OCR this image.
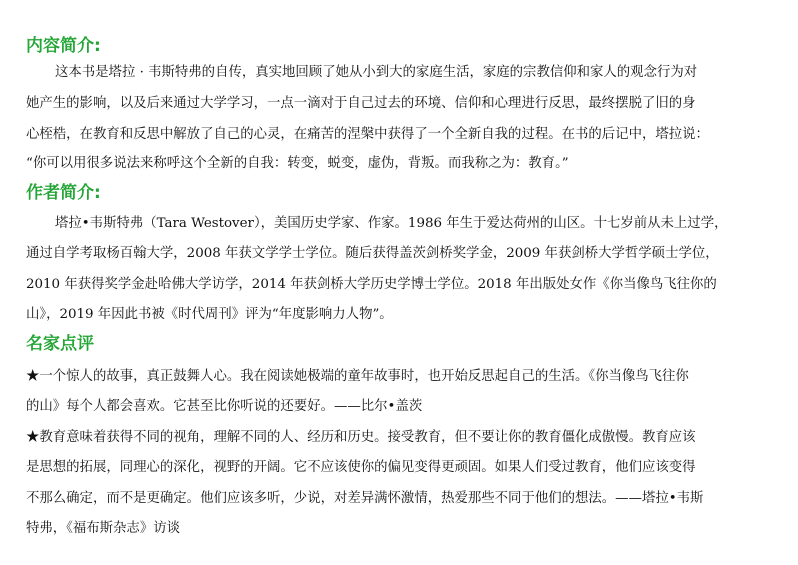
内容简介:
这本书是塔拉 · 韦斯特弗的自传，真实地回顾了她从小到大的家庭生活，家庭的宗教信仰和家人的观念行为对
她产生的影响，以及后来通过大学学习，一点一滴对于自己过去的环境、信仰和心理进行反思，最终摆脱了旧的身
心桎梏，在教育和反思中解放了自己的心灵，在痛苦的涅槃中获得了一个全新自我的过程。在书的后记中，塔拉说：
“你可以用很多说法来称呼这个全新的自我：转变，蜕变，虚伪，背叛。而我称之为：教育。”
作者简介:
塔拉•韦斯特弗（Tara Westover），美国历史学家、作家。1986 年生于爱达荷州的山区。十七岁前从未上过学，
通过自学考取杨百翰大学，2008 年获文学学士学位。随后获得盖茨剑桥奖学金，2009 年获剑桥大学哲学硕士学位，
2010 年获得奖学金赴哈佛大学访学，2014 年获剑桥大学历史学博士学位。2018 年出版处女作《你当像鸟飞往你的
山》，2019 年因此书被《时代周刊》评为“年度影响力人物”。
名家点评
★一个惊人的故事，真正鼓舞人心。我在阅读她极端的童年故事时，也开始反思起自己的生活。《你当像鸟飞往你
的山》每个人都会喜欢。它甚至比你听说的还要好。——比尔•盖茨
★教育意味着获得不同的视角，理解不同的人、经历和历史。接受教育，但不要让你的教育僵化成傲慢。教育应该
是思想的拓展，同理心的深化，视野的开阔。它不应该使你的偏见变得更顽固。如果人们受过教育，他们应该变得
不那么确定，而不是更确定。他们应该多听，少说，对差异满怀激情，热爱那些不同于他们的想法。——塔拉•韦斯
特弗，《福布斯杂志》访谈
